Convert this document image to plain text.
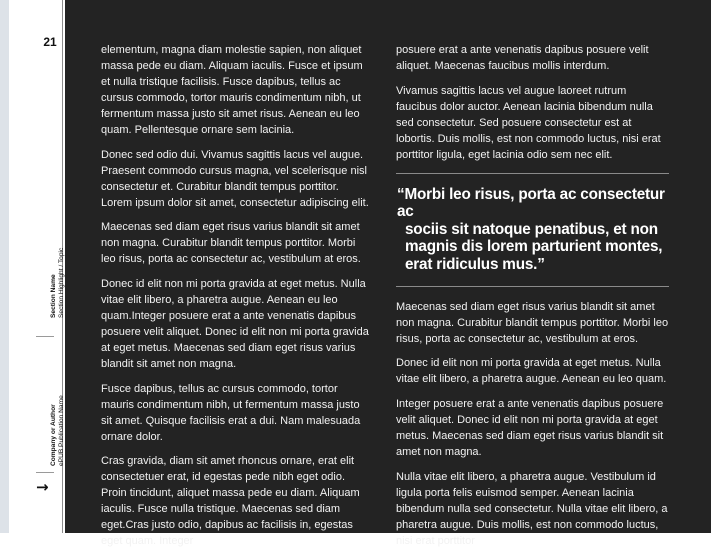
21
Section Name Section Highlight / Topic
Company or Author ePUB Publication Name
→

elementum, magna diam molestie sapien, non aliquet massa pede eu diam. Aliquam iaculis. Fusce et ipsum et nulla tristique facilisis. Fusce dapibus, tellus ac cursus commodo, tortor mauris condimentum nibh, ut fermentum massa justo sit amet risus. Aenean eu leo quam. Pellentesque ornare sem lacinia.

Donec sed odio dui. Vivamus sagittis lacus vel augue. Praesent commodo cursus magna, vel scelerisque nisl consectetur et. Curabitur blandit tempus porttitor. Lorem ipsum dolor sit amet, consectetur adipiscing elit.

Maecenas sed diam eget risus varius blandit sit amet non magna. Curabitur blandit tempus porttitor. Morbi leo risus, porta ac consectetur ac, vestibulum at eros.

Donec id elit non mi porta gravida at eget metus. Nulla vitae elit libero, a pharetra augue. Aenean eu leo quam.Integer posuere erat a ante venenatis dapibus posuere velit aliquet. Donec id elit non mi porta gravida at eget metus. Maecenas sed diam eget risus varius blandit sit amet non magna.

Fusce dapibus, tellus ac cursus commodo, tortor mauris condimentum nibh, ut fermentum massa justo sit amet. Quisque facilisis erat a dui. Nam malesuada ornare dolor.

Cras gravida, diam sit amet rhoncus ornare, erat elit consectetuer erat, id egestas pede nibh eget odio. Proin tincidunt, aliquet massa pede eu diam. Aliquam iaculis. Fusce nulla tristique. Maecenas sed diam eget.Cras justo odio, dapibus ac facilisis in, egestas eget quam. Integer

posuere erat a ante venenatis dapibus posuere velit aliquet. Maecenas faucibus mollis interdum.

Vivamus sagittis lacus vel augue laoreet rutrum faucibus dolor auctor. Aenean lacinia bibendum nulla sed consectetur. Sed posuere consectetur est at lobortis. Duis mollis, est non commodo luctus, nisi erat porttitor ligula, eget lacinia odio sem nec elit.

“Morbi leo risus, porta ac consectetur ac
sociis sit natoque penatibus, et non
magnis dis lorem parturient montes,
erat ridiculus mus.”

Maecenas sed diam eget risus varius blandit sit amet non magna. Curabitur blandit tempus porttitor. Morbi leo risus, porta ac consectetur ac, vestibulum at eros.

Donec id elit non mi porta gravida at eget metus. Nulla vitae elit libero, a pharetra augue. Aenean eu leo quam.

Integer posuere erat a ante venenatis dapibus posuere velit aliquet. Donec id elit non mi porta gravida at eget metus. Maecenas sed diam eget risus varius blandit sit amet non magna.

Nulla vitae elit libero, a pharetra augue. Vestibulum id ligula porta felis euismod semper. Aenean lacinia bibendum nulla sed consectetur. Nulla vitae elit libero, a pharetra augue. Duis mollis, est non commodo luctus, nisi erat porttitor
